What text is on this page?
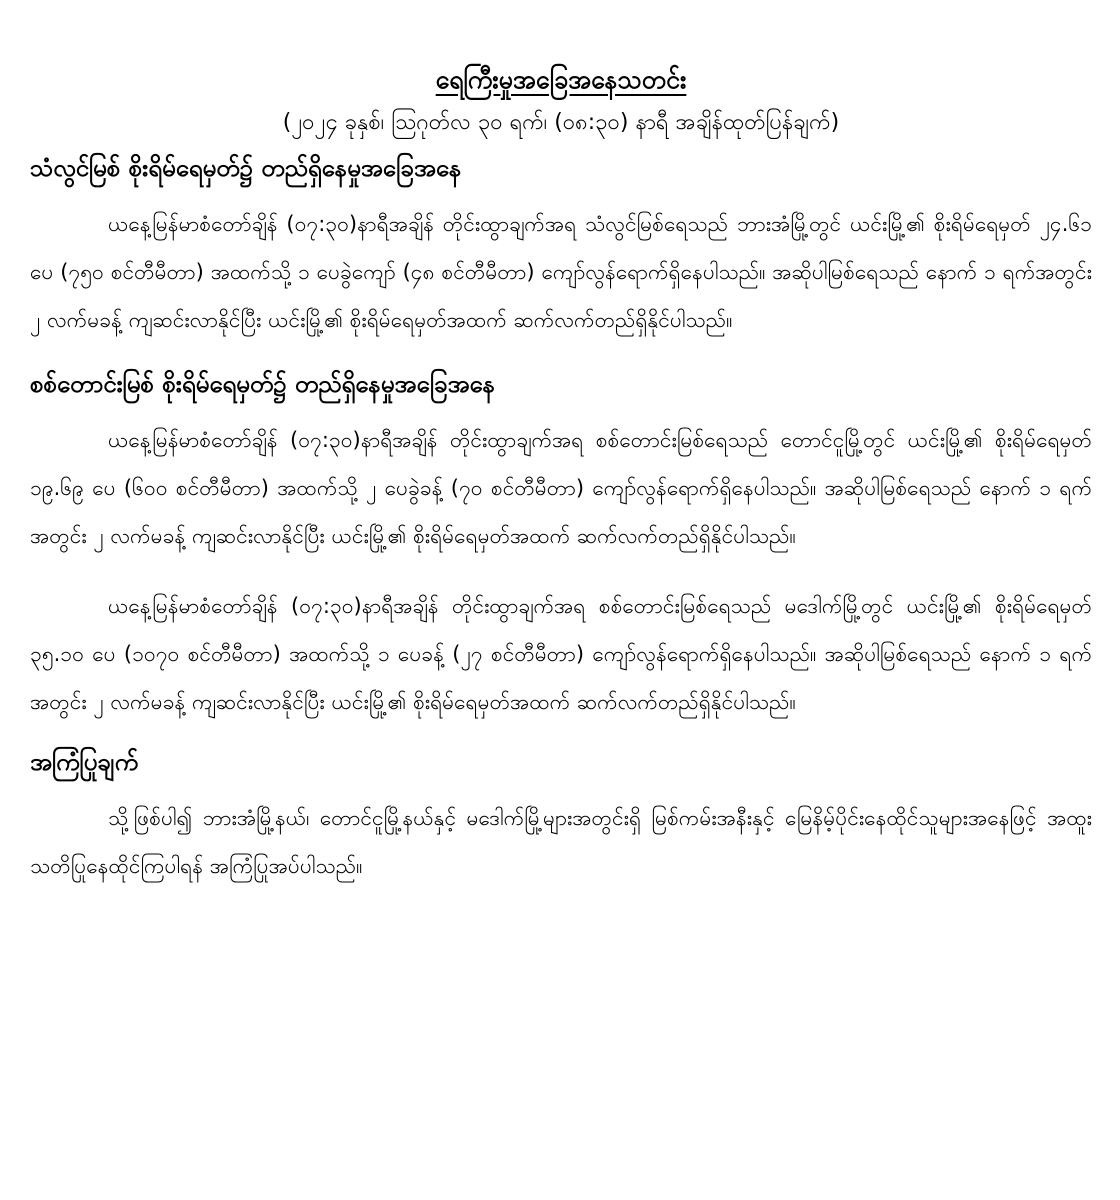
ရေကြီးမှုအခြေအနေသတင်း
(၂၀၂၄ ခုနှစ်၊ ဩဂုတ်လ ၃၀ ရက်၊ (၀၈:၃၀) နာရီ အချိန်ထုတ်ပြန်ချက်)
သံလွင်မြစ် စိုးရိမ်ရေမှတ်၌ တည်ရှိနေမှုအခြေအနေ

ယနေ့မြန်မာစံတော်ချိန် (၀၇:၃၀)နာရီအချိန် တိုင်းထွာချက်အရ သံလွင်မြစ်ရေသည် ဘားအံမြို့တွင် ယင်းမြို့၏ စိုးရိမ်ရေမှတ် ၂၄.၆၁ ပေ (၇၅၀ စင်တီမီတာ) အထက်သို့ ၁ ပေခွဲကျော် (၄၈ စင်တီမီတာ) ကျော်လွန်ရောက်ရှိနေပါသည်။ အဆိုပါမြစ်ရေသည် နောက် ၁ ရက်အတွင်း ၂ လက်မခန့် ကျဆင်းလာနိုင်ပြီး ယင်းမြို့၏ စိုးရိမ်ရေမှတ်အထက် ဆက်လက်တည်ရှိနိုင်ပါသည်။

စစ်တောင်းမြစ် စိုးရိမ်ရေမှတ်၌ တည်ရှိနေမှုအခြေအနေ

ယနေ့မြန်မာစံတော်ချိန် (၀၇:၃၀)နာရီအချိန် တိုင်းထွာချက်အရ စစ်တောင်းမြစ်ရေသည် တောင်ငူမြို့တွင် ယင်းမြို့၏ စိုးရိမ်ရေမှတ် ၁၉.၆၉ ပေ (၆၀၀ စင်တီမီတာ) အထက်သို့ ၂ ပေခွဲခန့် (၇၀ စင်တီမီတာ) ကျော်လွန်ရောက်ရှိနေပါသည်။ အဆိုပါမြစ်ရေသည် နောက် ၁ ရက်အတွင်း ၂ လက်မခန့် ကျဆင်းလာနိုင်ပြီး ယင်းမြို့၏ စိုးရိမ်ရေမှတ်အထက် ဆက်လက်တည်ရှိနိုင်ပါသည်။

ယနေ့မြန်မာစံတော်ချိန် (၀၇:၃၀)နာရီအချိန် တိုင်းထွာချက်အရ စစ်တောင်းမြစ်ရေသည် မဒေါက်မြို့တွင် ယင်းမြို့၏ စိုးရိမ်ရေမှတ် ၃၅.၁၀ ပေ (၁၀၇၀ စင်တီမီတာ) အထက်သို့ ၁ ပေခန့် (၂၇ စင်တီမီတာ) ကျော်လွန်ရောက်ရှိနေပါသည်။ အဆိုပါမြစ်ရေသည် နောက် ၁ ရက်အတွင်း ၂ လက်မခန့် ကျဆင်းလာနိုင်ပြီး ယင်းမြို့၏ စိုးရိမ်ရေမှတ်အထက် ဆက်လက်တည်ရှိနိုင်ပါသည်။

အကြံပြုချက်

သို့ဖြစ်ပါ၍ ဘားအံမြို့နယ်၊ တောင်ငူမြို့နယ်နှင့် မဒေါက်မြို့များအတွင်းရှိ မြစ်ကမ်းအနီးနှင့် မြေနိမ့်ပိုင်းနေထိုင်သူများအနေဖြင့် အထူးသတိပြုနေထိုင်ကြပါရန် အကြံပြုအပ်ပါသည်။
